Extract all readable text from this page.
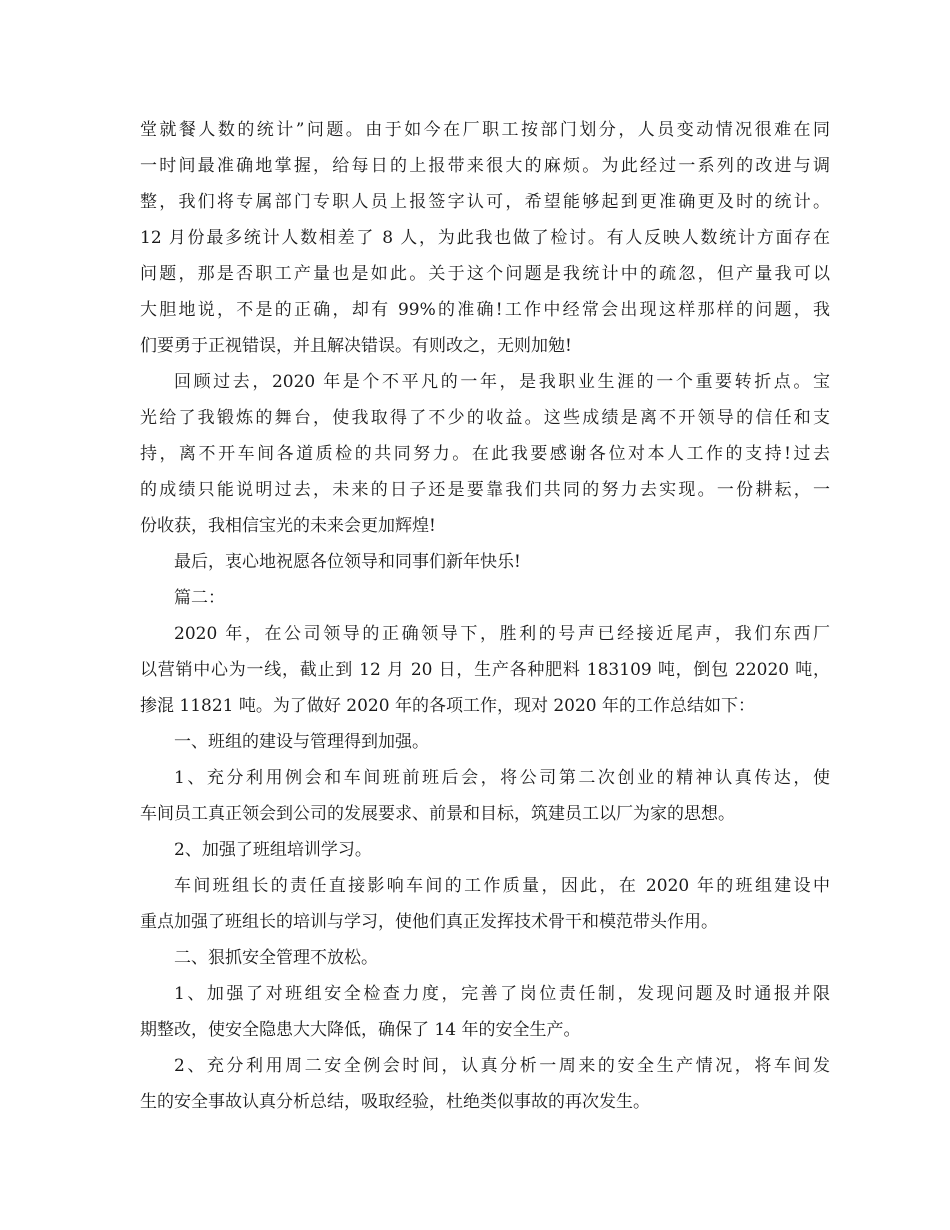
堂就餐人数的统计”问题。由于如今在厂职工按部门划分，人员变动情况很难在同
一时间最准确地掌握，给每日的上报带来很大的麻烦。为此经过一系列的改进与调
整，我们将专属部门专职人员上报签字认可，希望能够起到更准确更及时的统计。
12 月份最多统计人数相差了 8 人，为此我也做了检讨。有人反映人数统计方面存在
问题，那是否职工产量也是如此。关于这个问题是我统计中的疏忽，但产量我可以
大胆地说，不是的正确，却有 99%的准确!工作中经常会出现这样那样的问题，我
们要勇于正视错误，并且解决错误。有则改之，无则加勉!
回顾过去，2020 年是个不平凡的一年，是我职业生涯的一个重要转折点。宝
光给了我锻炼的舞台，使我取得了不少的收益。这些成绩是离不开领导的信任和支
持，离不开车间各道质检的共同努力。在此我要感谢各位对本人工作的支持!过去
的成绩只能说明过去，未来的日子还是要靠我们共同的努力去实现。一份耕耘，一
份收获，我相信宝光的未来会更加辉煌!
最后，衷心地祝愿各位领导和同事们新年快乐!
篇二：
2020 年，在公司领导的正确领导下，胜利的号声已经接近尾声，我们东西厂
以营销中心为一线，截止到 12 月 20 日，生产各种肥料 183109 吨，倒包 22020 吨，
掺混 11821 吨。为了做好 2020 年的各项工作，现对 2020 年的工作总结如下：
一、班组的建设与管理得到加强。
1、充分利用例会和车间班前班后会，将公司第二次创业的精神认真传达，使
车间员工真正领会到公司的发展要求、前景和目标，筑建员工以厂为家的思想。
2、加强了班组培训学习。
车间班组长的责任直接影响车间的工作质量，因此，在 2020 年的班组建设中
重点加强了班组长的培训与学习，使他们真正发挥技术骨干和模范带头作用。
二、狠抓安全管理不放松。
1、加强了对班组安全检查力度，完善了岗位责任制，发现问题及时通报并限
期整改，使安全隐患大大降低，确保了 14 年的安全生产。
2、充分利用周二安全例会时间，认真分析一周来的安全生产情况，将车间发
生的安全事故认真分析总结，吸取经验，杜绝类似事故的再次发生。
